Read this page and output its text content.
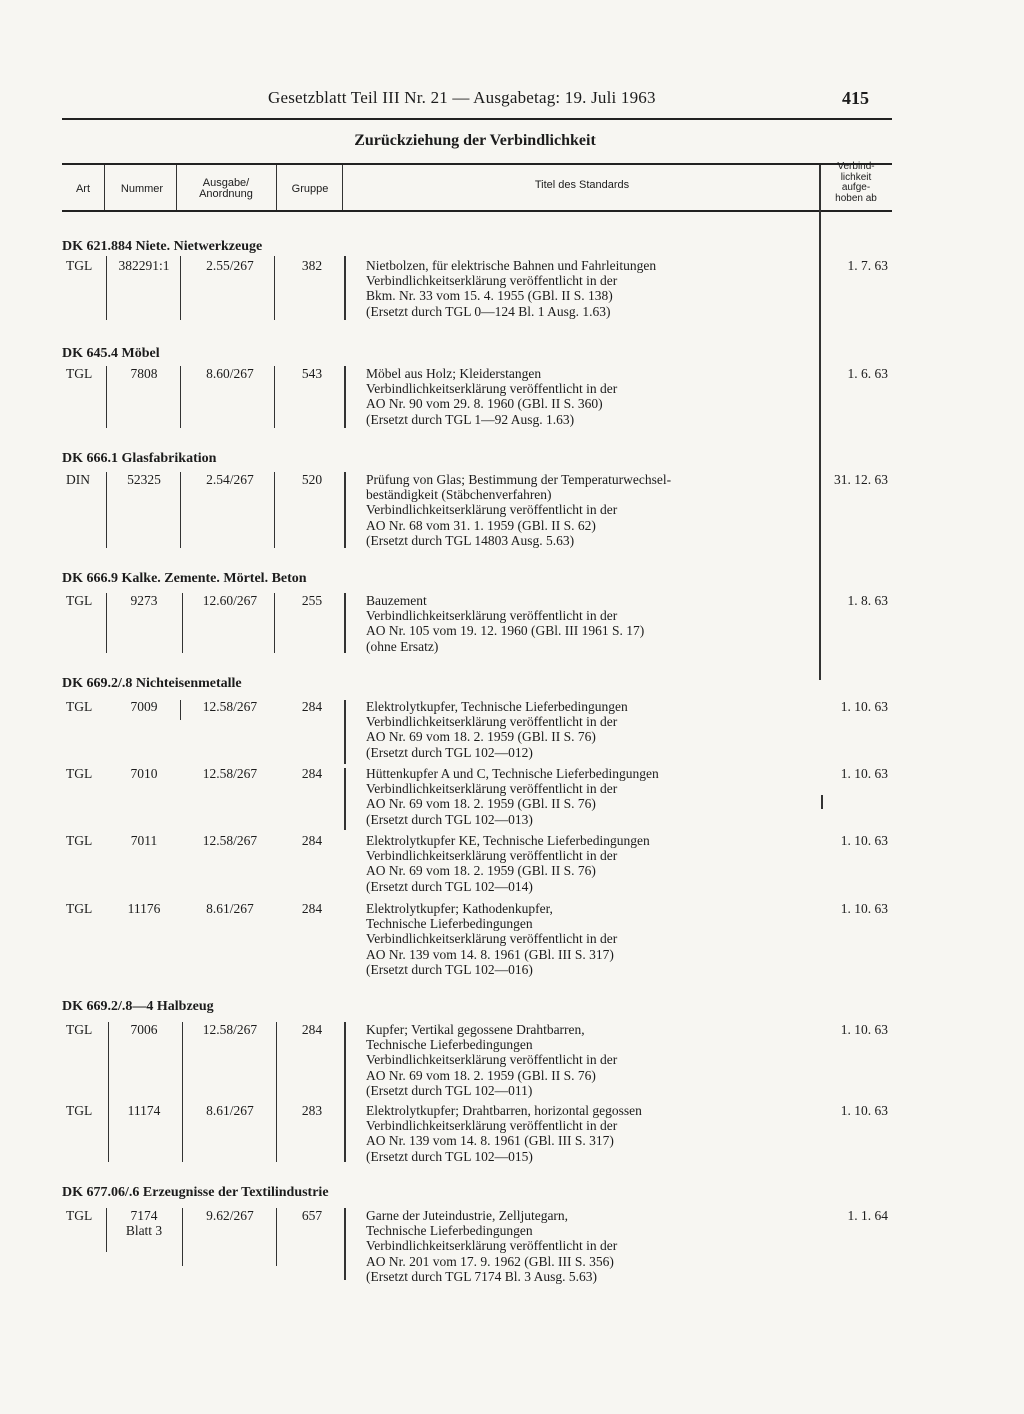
Gesetzblatt Teil III Nr. 21 — Ausgabetag: 19. Juli 1963	415
Zurückziehung der Verbindlichkeit
Art	Nummer	Ausgabe/
Anordnung	Gruppe	Titel des Standards
Verbind-
lichkeit
aufge-
hoben ab
DK 621.884 Niete. Nietwerkzeuge
TGL	382291:1	2.55/267	382	Nietbolzen, für elektrische Bahnen und Fahrleitungen
Verbindlichkeitserklärung veröffentlicht in der
Bkm. Nr. 33 vom 15. 4. 1955 (GBl. II S. 138)
(Ersetzt durch TGL 0—124 Bl. 1 Ausg. 1.63)
1. 7. 63
DK 645.4 Möbel
TGL	7808	8.60/267	543	Möbel aus Holz; Kleiderstangen
Verbindlichkeitserklärung veröffentlicht in der
AO Nr. 90 vom 29. 8. 1960 (GBl. II S. 360)
(Ersetzt durch TGL 1—92 Ausg. 1.63)
1. 6. 63
DK 666.1 Glasfabrikation
DIN	52325	2.54/267	520	Prüfung von Glas; Bestimmung der Temperaturwechsel-
beständigkeit (Stäbchenverfahren)
Verbindlichkeitserklärung veröffentlicht in der
AO Nr. 68 vom 31. 1. 1959 (GBl. II S. 62)
(Ersetzt durch TGL 14803 Ausg. 5.63)
31. 12. 63
DK 666.9 Kalke. Zemente. Mörtel. Beton
TGL	9273	12.60/267	255	Bauzement
Verbindlichkeitserklärung veröffentlicht in der
AO Nr. 105 vom 19. 12. 1960 (GBl. III 1961 S. 17)
(ohne Ersatz)
1. 8. 63
DK 669.2/.8 Nichteisenmetalle
TGL	7009	12.58/267	284	Elektrolytkupfer, Technische Lieferbedingungen
Verbindlichkeitserklärung veröffentlicht in der
AO Nr. 69 vom 18. 2. 1959 (GBl. II S. 76)
(Ersetzt durch TGL 102—012)
1. 10. 63
TGL	7010	12.58/267	284	Hüttenkupfer A und C, Technische Lieferbedingungen
Verbindlichkeitserklärung veröffentlicht in der
AO Nr. 69 vom 18. 2. 1959 (GBl. II S. 76)
(Ersetzt durch TGL 102—013)
1. 10. 63
TGL	7011	12.58/267	284	Elektrolytkupfer KE, Technische Lieferbedingungen
Verbindlichkeitserklärung veröffentlicht in der
AO Nr. 69 vom 18. 2. 1959 (GBl. II S. 76)
(Ersetzt durch TGL 102—014)
1. 10. 63
TGL	11176	8.61/267	284	Elektrolytkupfer; Kathodenkupfer,
Technische Lieferbedingungen
Verbindlichkeitserklärung veröffentlicht in der
AO Nr. 139 vom 14. 8. 1961 (GBl. III S. 317)
(Ersetzt durch TGL 102—016)
1. 10. 63
DK 669.2/.8—4 Halbzeug
TGL	7006	12.58/267	284	Kupfer; Vertikal gegossene Drahtbarren,
Technische Lieferbedingungen
Verbindlichkeitserklärung veröffentlicht in der
AO Nr. 69 vom 18. 2. 1959 (GBl. II S. 76)
(Ersetzt durch TGL 102—011)
1. 10. 63
TGL	11174	8.61/267	283	Elektrolytkupfer; Drahtbarren, horizontal gegossen
Verbindlichkeitserklärung veröffentlicht in der
AO Nr. 139 vom 14. 8. 1961 (GBl. III S. 317)
(Ersetzt durch TGL 102—015)
1. 10. 63
DK 677.06/.6 Erzeugnisse der Textilindustrie
TGL	7174
Blatt 3
9.62/267	657	Garne der Juteindustrie, Zelljutegarn,
Technische Lieferbedingungen
Verbindlichkeitserklärung veröffentlicht in der
AO Nr. 201 vom 17. 9. 1962 (GBl. III S. 356)
(Ersetzt durch TGL 7174 Bl. 3 Ausg. 5.63)
1. 1. 64
